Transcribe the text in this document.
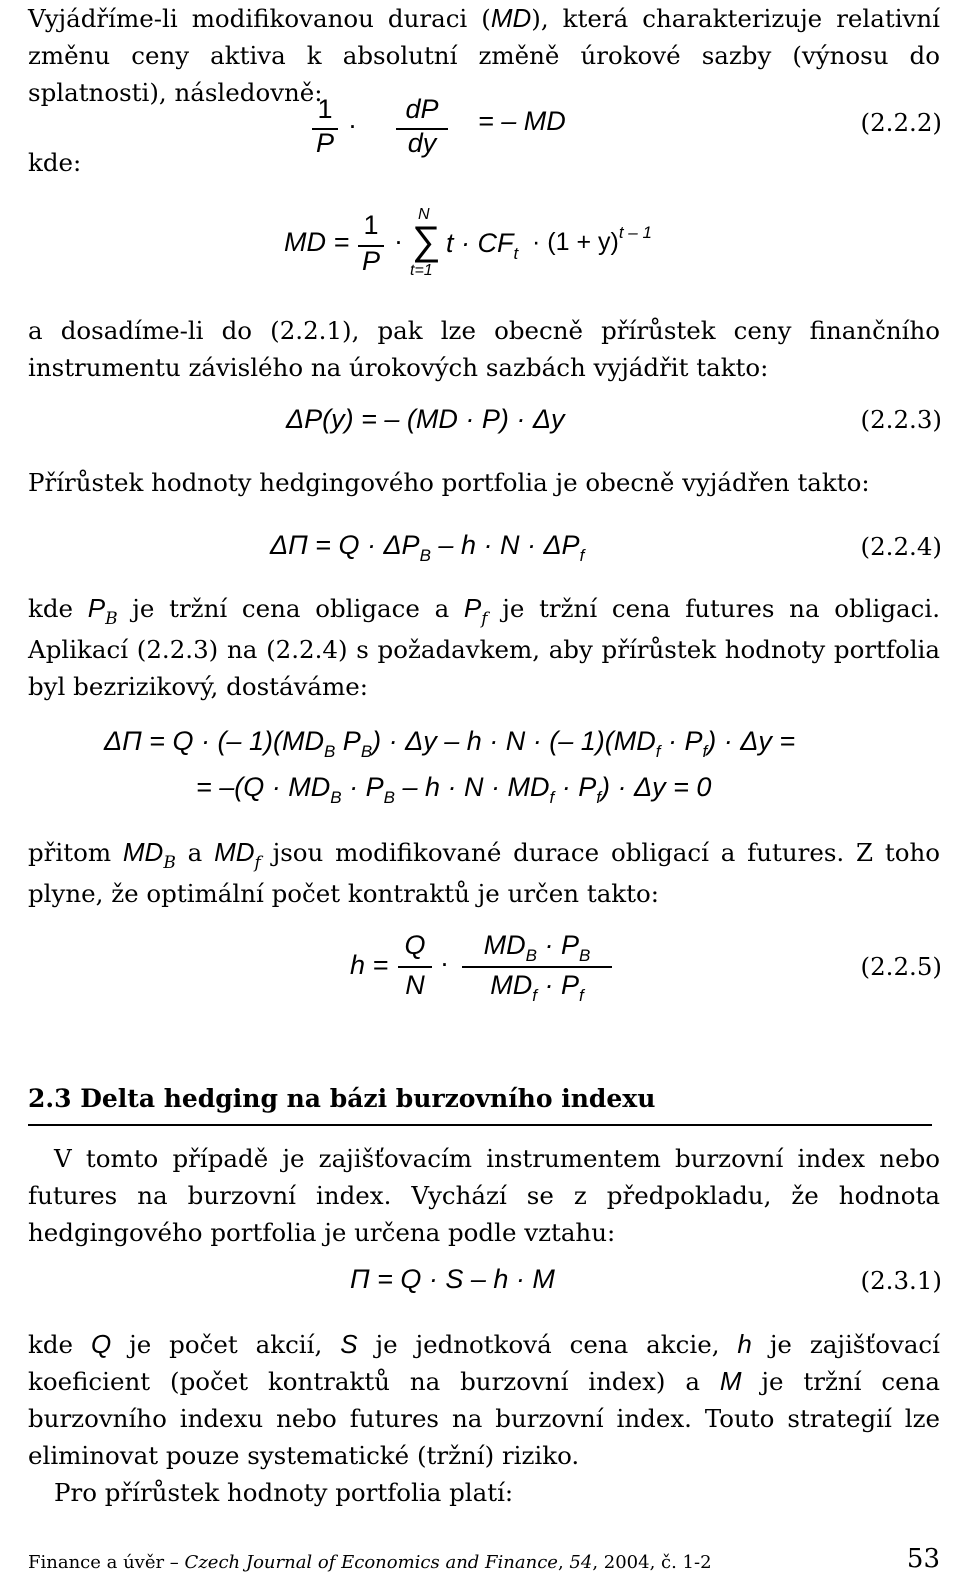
Vyjádříme-li modifikovanou duraci (MD), která charakterizuje relativní změnu ceny aktiva k absolutní změně úrokové sazby (výnosu do splatnosti), následovně:

1
P
·
dP
dy
= – MD	(2.2.2)

kde:

MD =
1
P
·
N
∑
t=1
$t \cdot CF_t \cdot (1 + y)^{t - 1}$

a dosadíme-li do (2.2.1), pak lze obecně přírůstek ceny finančního instrumentu závislého na úrokových sazbách vyjádřit takto:

ΔP(y) = – (MD · P) · Δy	(2.2.3)

Přírůstek hodnoty hedgingového portfolia je obecně vyjádřen takto:

$\Delta\Pi = Q \cdot \Delta P_B - h \cdot N \cdot \Delta P_f$	(2.2.4)

kde $P_B$ je tržní cena obligace a $P_f$ je tržní cena futures na obligaci. Aplikací (2.2.3) na (2.2.4) s požadavkem, aby přírůstek hodnoty portfolia byl bezrizikový, dostáváme:

ΔΠ = Q · (– $1)(MD_B$ $P_B) \cdot \Delta y - h \cdot N$ · (– $1)(MD_f \cdot P_f) \cdot \Delta y$ =
= $-(Q \cdot MD_B \cdot P_B - h \cdot N \cdot MD_f \cdot P_f) \cdot \Delta y = 0$

přitom $MD_B$ a $MD_f$ jsou modifikované durace obligací a futures. Z toho plyne, že optimální počet kontraktů je určen takto:

h =
Q
N
·
$MD_B \cdot P_B$
$MD_f \cdot P_f$
(2.2.5)
2.3 Delta hedging na bázi burzovního indexu

V tomto případě je zajišťovacím instrumentem burzovní index nebo futures na burzovní index. Vychází se z předpokladu, že hodnota hedgingového portfolia je určena podle vztahu:

Π = Q · S – h · M	(2.3.1)

kde Q je počet akcií, S je jednotková cena akcie, h je zajišťovací koeficient (počet kontraktů na burzovní index) a M je tržní cena burzovního indexu nebo futures na burzovní index. Touto strategií lze eliminovat pouze systematické (tržní) riziko.

Pro přírůstek hodnoty portfolia platí:

Finance a úvěr – Czech Journal of Economics and Finance, 54, 2004, č. 1-2	53
